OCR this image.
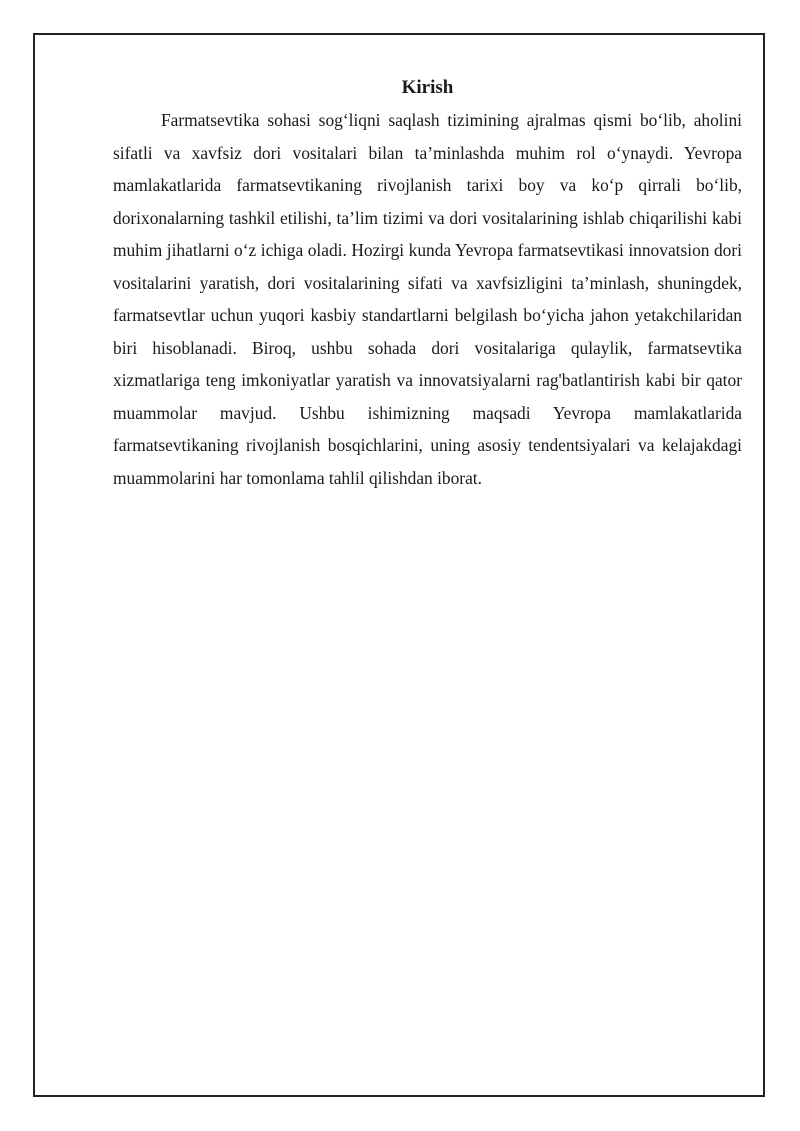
Kirish

Farmatsevtika sohasi sog‘liqni saqlash tizimining ajralmas qismi bo‘lib, aholini sifatli va xavfsiz dori vositalari bilan ta’minlashda muhim rol o‘ynaydi. Yevropa mamlakatlarida farmatsevtikaning rivojlanish tarixi boy va ko‘p qirrali bo‘lib, dorixonalarning tashkil etilishi, ta’lim tizimi va dori vositalarining ishlab chiqarilishi kabi muhim jihatlarni o‘z ichiga oladi. Hozirgi kunda Yevropa farmatsevtikasi innovatsion dori vositalarini yaratish, dori vositalarining sifati va xavfsizligini ta’minlash, shuningdek, farmatsevtlar uchun yuqori kasbiy standartlarni belgilash bo‘yicha jahon yetakchilaridan biri hisoblanadi. Biroq, ushbu sohada dori vositalariga qulaylik, farmatsevtika xizmatlariga teng imkoniyatlar yaratish va innovatsiyalarni rag'batlantirish kabi bir qator muammolar mavjud. Ushbu ishimizning maqsadi Yevropa mamlakatlarida farmatsevtikaning rivojlanish bosqichlarini, uning asosiy tendentsiyalari va kelajakdagi muammolarini har tomonlama tahlil qilishdan iborat.
